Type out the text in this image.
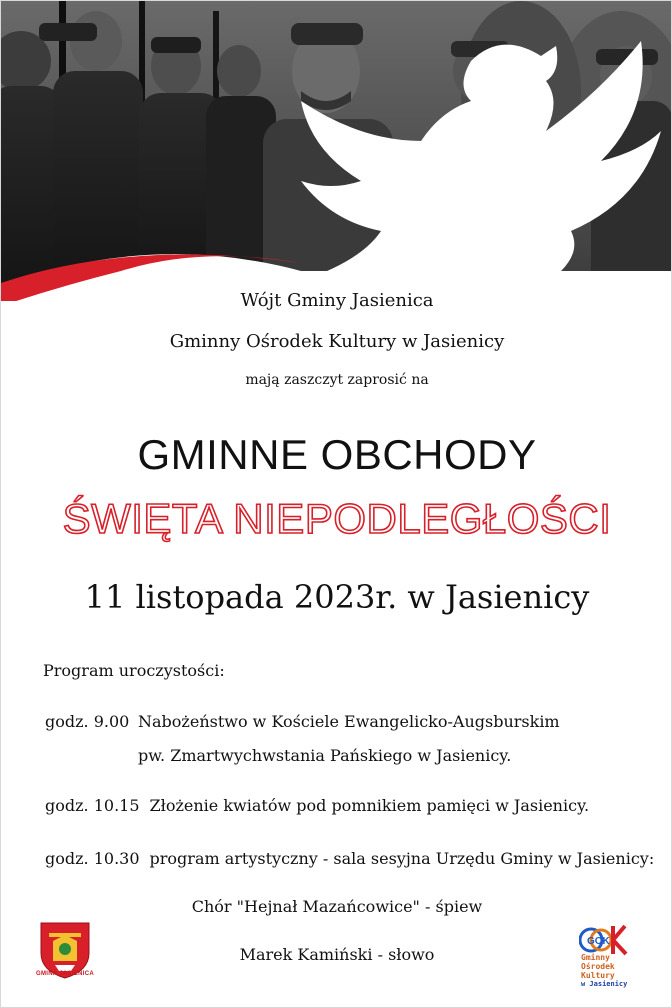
Wójt Gminy Jasienica
Gminny Ośrodek Kultury w Jasienicy
mają zaszczyt zaprosić na
GMINNE OBCHODY
ŚWIĘTA NIEPODLEGŁOŚCI
11 listopada 2023r. w Jasienicy
Program uroczystości:
godz. 9.00 Nabożeństwo w Kościele Ewangelicko-Augsburskim
pw. Zmartwychwstania Pańskiego w Jasienicy.
godz. 10.15 Złożenie kwiatów pod pomnikiem pamięci w Jasienicy.
godz. 10.30 program artystyczny - sala sesyjna Urzędu Gminy w Jasienicy:
Chór "Hejnał Mazańcowice" - śpiew
Marek Kamiński - słowo
GMINA JASIENICA
GOK
Gminny
Ośrodek
Kultury
w Jasienicy
